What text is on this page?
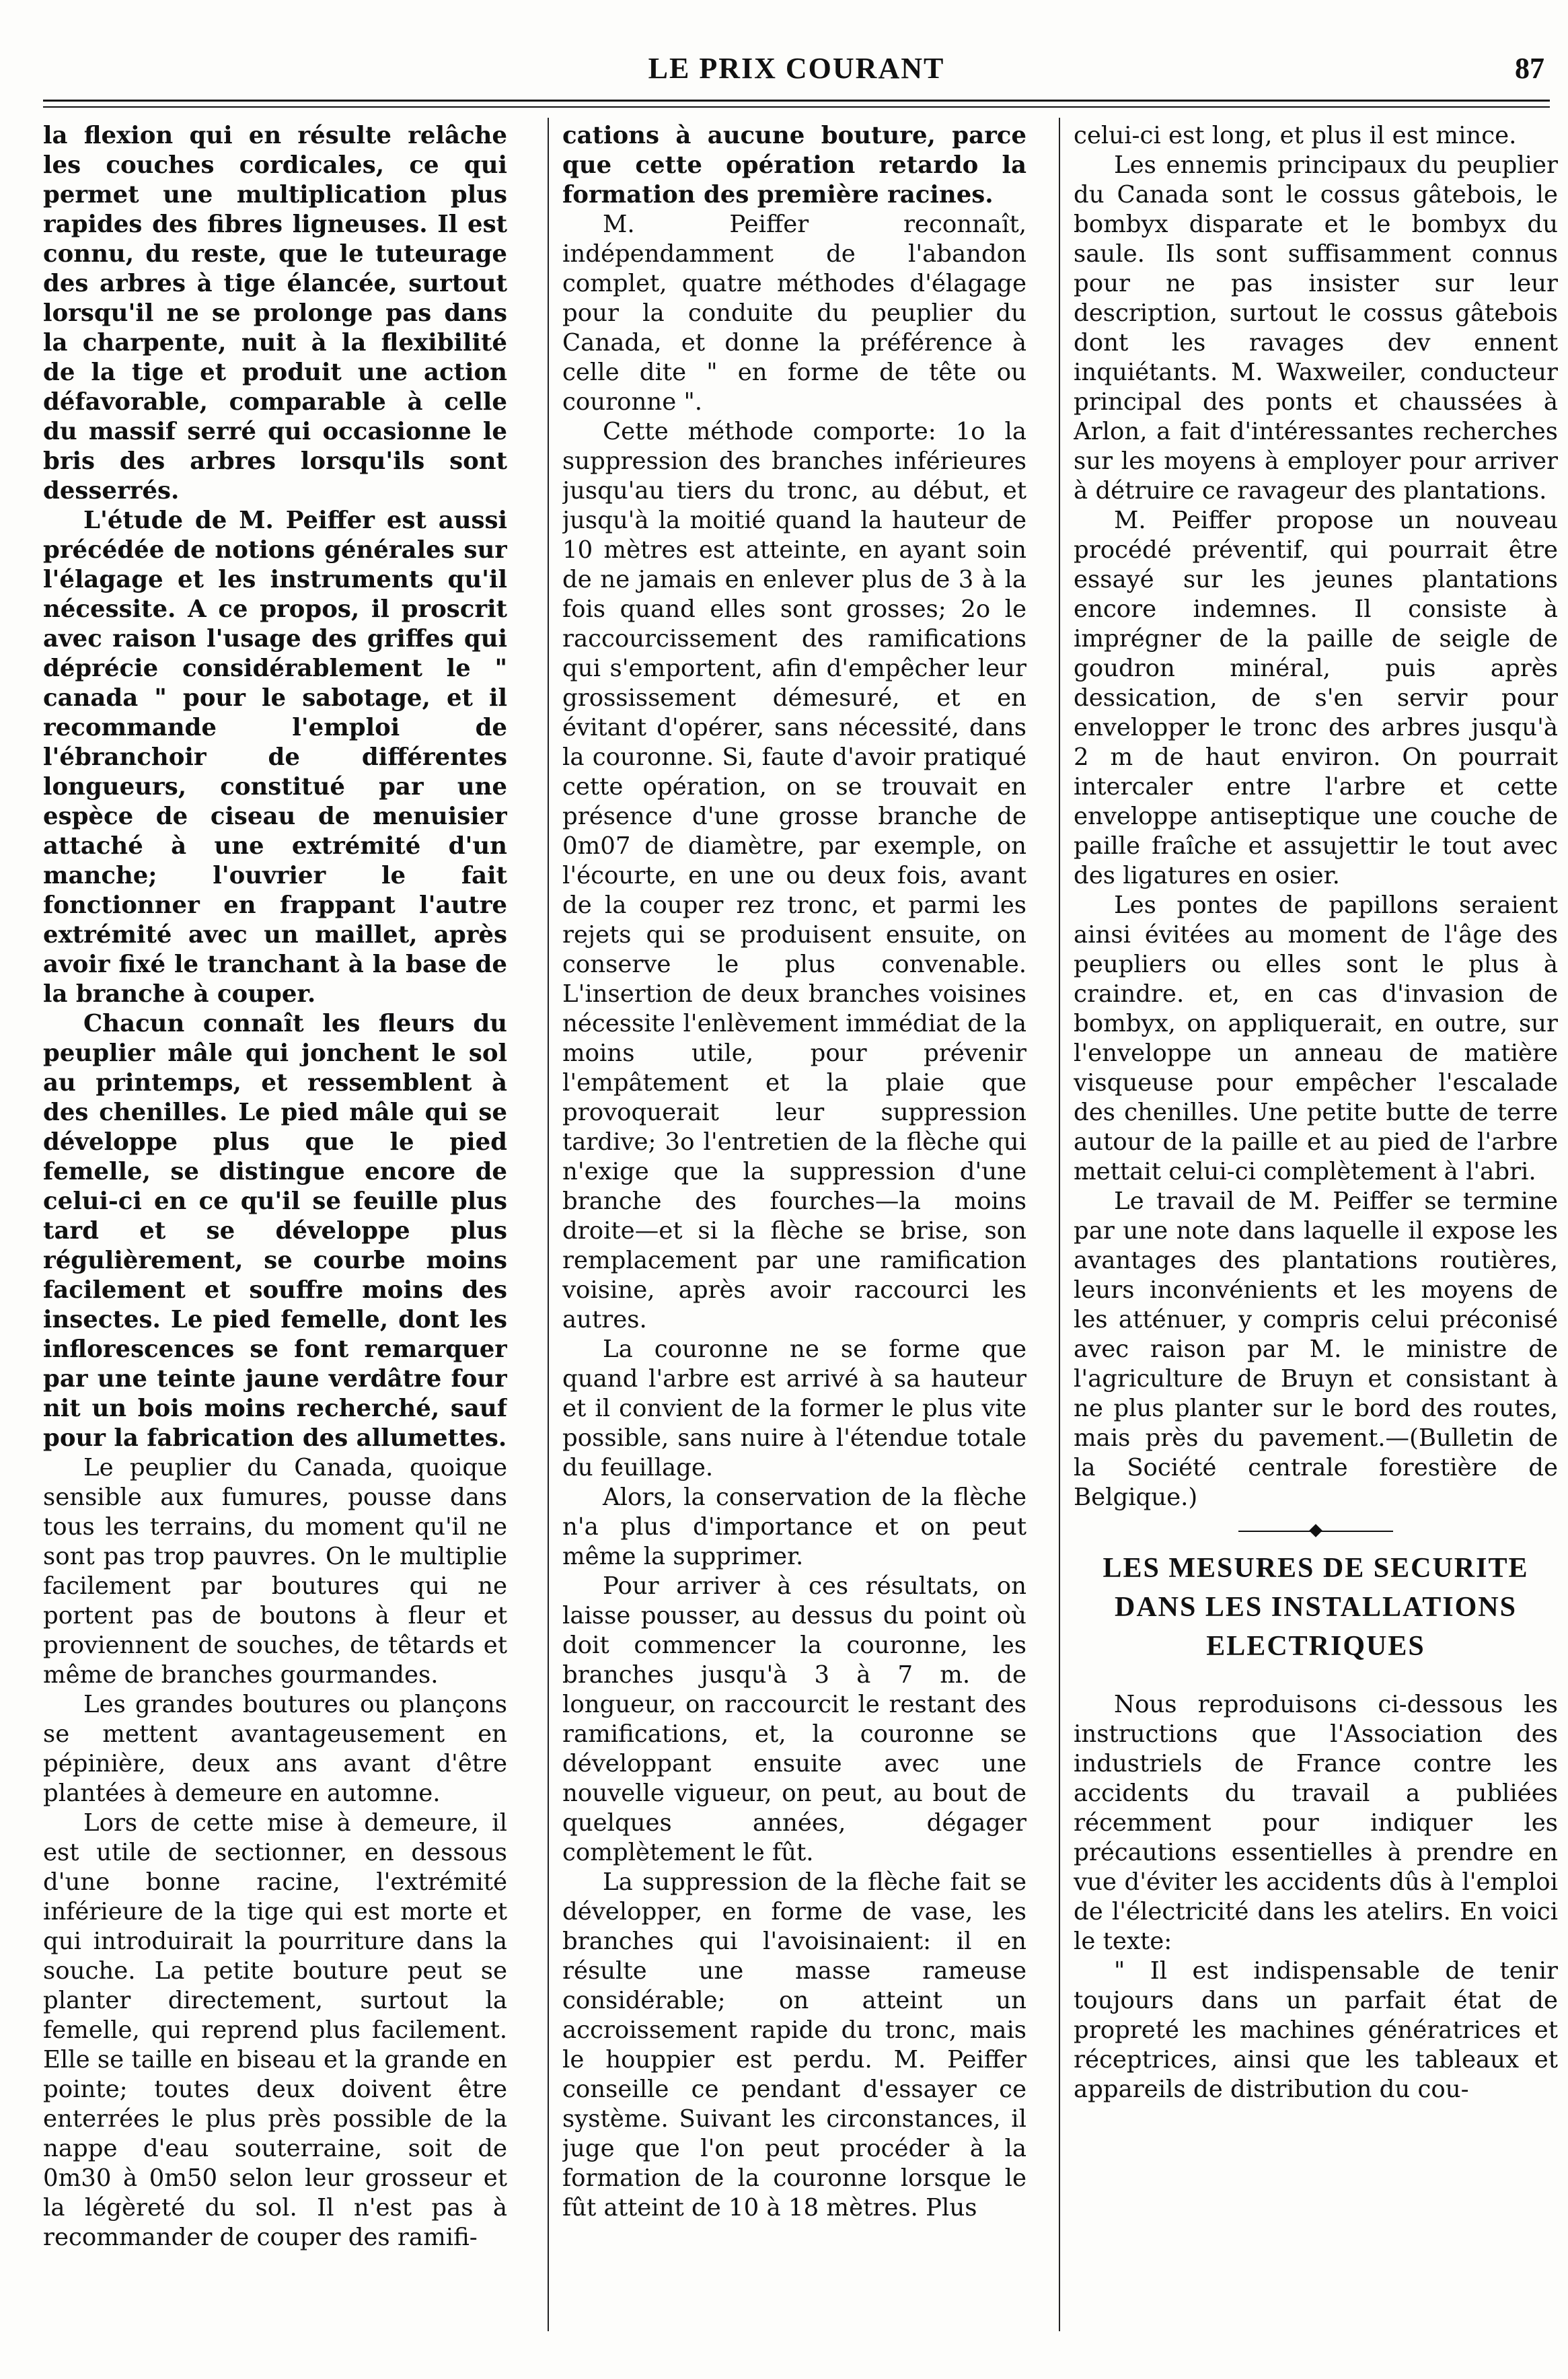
LE PRIX COURANT	87

la flexion qui en résulte relâche les couches cordicales, ce qui permet une multiplication plus rapides des fibres ligneuses. Il est connu, du reste, que le tuteurage des arbres à tige élancée, surtout lorsqu'il ne se prolonge pas dans la charpente, nuit à la flexibilité de la tige et produit une action défavorable, comparable à celle du massif serré qui occasionne le bris des arbres lorsqu'ils sont desserrés.

L'étude de M. Peiffer est aussi précédée de notions générales sur l'élagage et les instruments qu'il nécessite. A ce propos, il proscrit avec raison l'usage des griffes qui déprécie considérablement le " canada " pour le sabotage, et il recommande l'emploi de l'ébranchoir de différentes longueurs, constitué par une espèce de ciseau de menuisier attaché à une extrémité d'un manche; l'ouvrier le fait fonctionner en frappant l'autre extrémité avec un maillet, après avoir fixé le tranchant à la base de la branche à couper.

Chacun connaît les fleurs du peuplier mâle qui jonchent le sol au printemps, et ressemblent à des chenilles. Le pied mâle qui se développe plus que le pied femelle, se distingue encore de celui-ci en ce qu'il se feuille plus tard et se développe plus régulièrement, se courbe moins facilement et souffre moins des insectes. Le pied femelle, dont les inflorescences se font remarquer par une teinte jaune verdâtre four nit un bois moins recherché, sauf pour la fabrication des allumettes.

Le peuplier du Canada, quoique sensible aux fumures, pousse dans tous les terrains, du moment qu'il ne sont pas trop pauvres. On le multiplie facilement par boutures qui ne portent pas de boutons à fleur et proviennent de souches, de têtards et même de branches gourmandes.

Les grandes boutures ou plançons se mettent avantageusement en pépinière, deux ans avant d'être plantées à demeure en automne.

Lors de cette mise à demeure, il est utile de sectionner, en dessous d'une bonne racine, l'extrémité inférieure de la tige qui est morte et qui introduirait la pourriture dans la souche. La petite bouture peut se planter directement, surtout la femelle, qui reprend plus facilement. Elle se taille en biseau et la grande en pointe; toutes deux doivent être enterrées le plus près possible de la nappe d'eau souterraine, soit de 0m30 à 0m50 selon leur grosseur et la légèreté du sol. Il n'est pas à recommander de couper des ramifi-

cations à aucune bouture, parce que cette opération retardo la formation des première racines.

M. Peiffer reconnaît, indépendamment de l'abandon complet, quatre méthodes d'élagage pour la conduite du peuplier du Canada, et donne la préférence à celle dite " en forme de tête ou couronne ".

Cette méthode comporte: 1o la suppression des branches inférieures jusqu'au tiers du tronc, au début, et jusqu'à la moitié quand la hauteur de 10 mètres est atteinte, en ayant soin de ne jamais en enlever plus de 3 à la fois quand elles sont grosses; 2o le raccourcissement des ramifications qui s'emportent, afin d'empêcher leur grossissement démesuré, et en évitant d'opérer, sans nécessité, dans la couronne. Si, faute d'avoir pratiqué cette opération, on se trouvait en présence d'une grosse branche de 0m07 de diamètre, par exemple, on l'écourte, en une ou deux fois, avant de la couper rez tronc, et parmi les rejets qui se produisent ensuite, on conserve le plus convenable. L'insertion de deux branches voisines nécessite l'enlèvement immédiat de la moins utile, pour prévenir l'empâtement et la plaie que provoquerait leur suppression tardive; 3o l'entretien de la flèche qui n'exige que la suppression d'une branche des fourches—la moins droite—et si la flèche se brise, son remplacement par une ramification voisine, après avoir raccourci les autres.

La couronne ne se forme que quand l'arbre est arrivé à sa hauteur et il convient de la former le plus vite possible, sans nuire à l'étendue totale du feuillage.

Alors, la conservation de la flèche n'a plus d'importance et on peut même la supprimer.

Pour arriver à ces résultats, on laisse pousser, au dessus du point où doit commencer la couronne, les branches jusqu'à 3 à 7 m. de longueur, on raccourcit le restant des ramifications, et, la couronne se développant ensuite avec une nouvelle vigueur, on peut, au bout de quelques années, dégager complètement le fût.

La suppression de la flèche fait se développer, en forme de vase, les branches qui l'avoisinaient: il en résulte une masse rameuse considérable; on atteint un accroissement rapide du tronc, mais le houppier est perdu. M. Peiffer conseille ce pendant d'essayer ce système. Suivant les circonstances, il juge que l'on peut procéder à la formation de la couronne lorsque le fût atteint de 10 à 18 mètres. Plus

celui-ci est long, et plus il est mince.

Les ennemis principaux du peuplier du Canada sont le cossus gâtebois, le bombyx disparate et le bombyx du saule. Ils sont suffisamment connus pour ne pas insister sur leur description, surtout le cossus gâtebois dont les ravages dev ennent inquiétants. M. Waxweiler, conducteur principal des ponts et chaussées à Arlon, a fait d'intéressantes recherches sur les moyens à employer pour arriver à détruire ce ravageur des plantations.

M. Peiffer propose un nouveau procédé préventif, qui pourrait être essayé sur les jeunes plantations encore indemnes. Il consiste à imprégner de la paille de seigle de goudron minéral, puis après dessication, de s'en servir pour envelopper le tronc des arbres jusqu'à 2 m de haut environ. On pourrait intercaler entre l'arbre et cette enveloppe antiseptique une couche de paille fraîche et assujettir le tout avec des ligatures en osier.

Les pontes de papillons seraient ainsi évitées au moment de l'âge des peupliers ou elles sont le plus à craindre. et, en cas d'invasion de bombyx, on appliquerait, en outre, sur l'enveloppe un anneau de matière visqueuse pour empêcher l'escalade des chenilles. Une petite butte de terre autour de la paille et au pied de l'arbre mettait celui-ci complètement à l'abri.

Le travail de M. Peiffer se termine par une note dans laquelle il expose les avantages des plantations routières, leurs inconvénients et les moyens de les atténuer, y compris celui préconisé avec raison par M. le ministre de l'agriculture de Bruyn et consistant à ne plus planter sur le bord des routes, mais près du pavement.—(Bulletin de la Société centrale forestière de Belgique.)

LES MESURES DE SECURITE DANS LES INSTALLATIONS ELECTRIQUES

Nous reproduisons ci-dessous les instructions que l'Association des industriels de France contre les accidents du travail a publiées récemment pour indiquer les précautions essentielles à prendre en vue d'éviter les accidents dûs à l'emploi de l'électricité dans les atelirs. En voici le texte:

" Il est indispensable de tenir toujours dans un parfait état de propreté les machines génératrices et réceptrices, ainsi que les tableaux et appareils de distribution du cou-
